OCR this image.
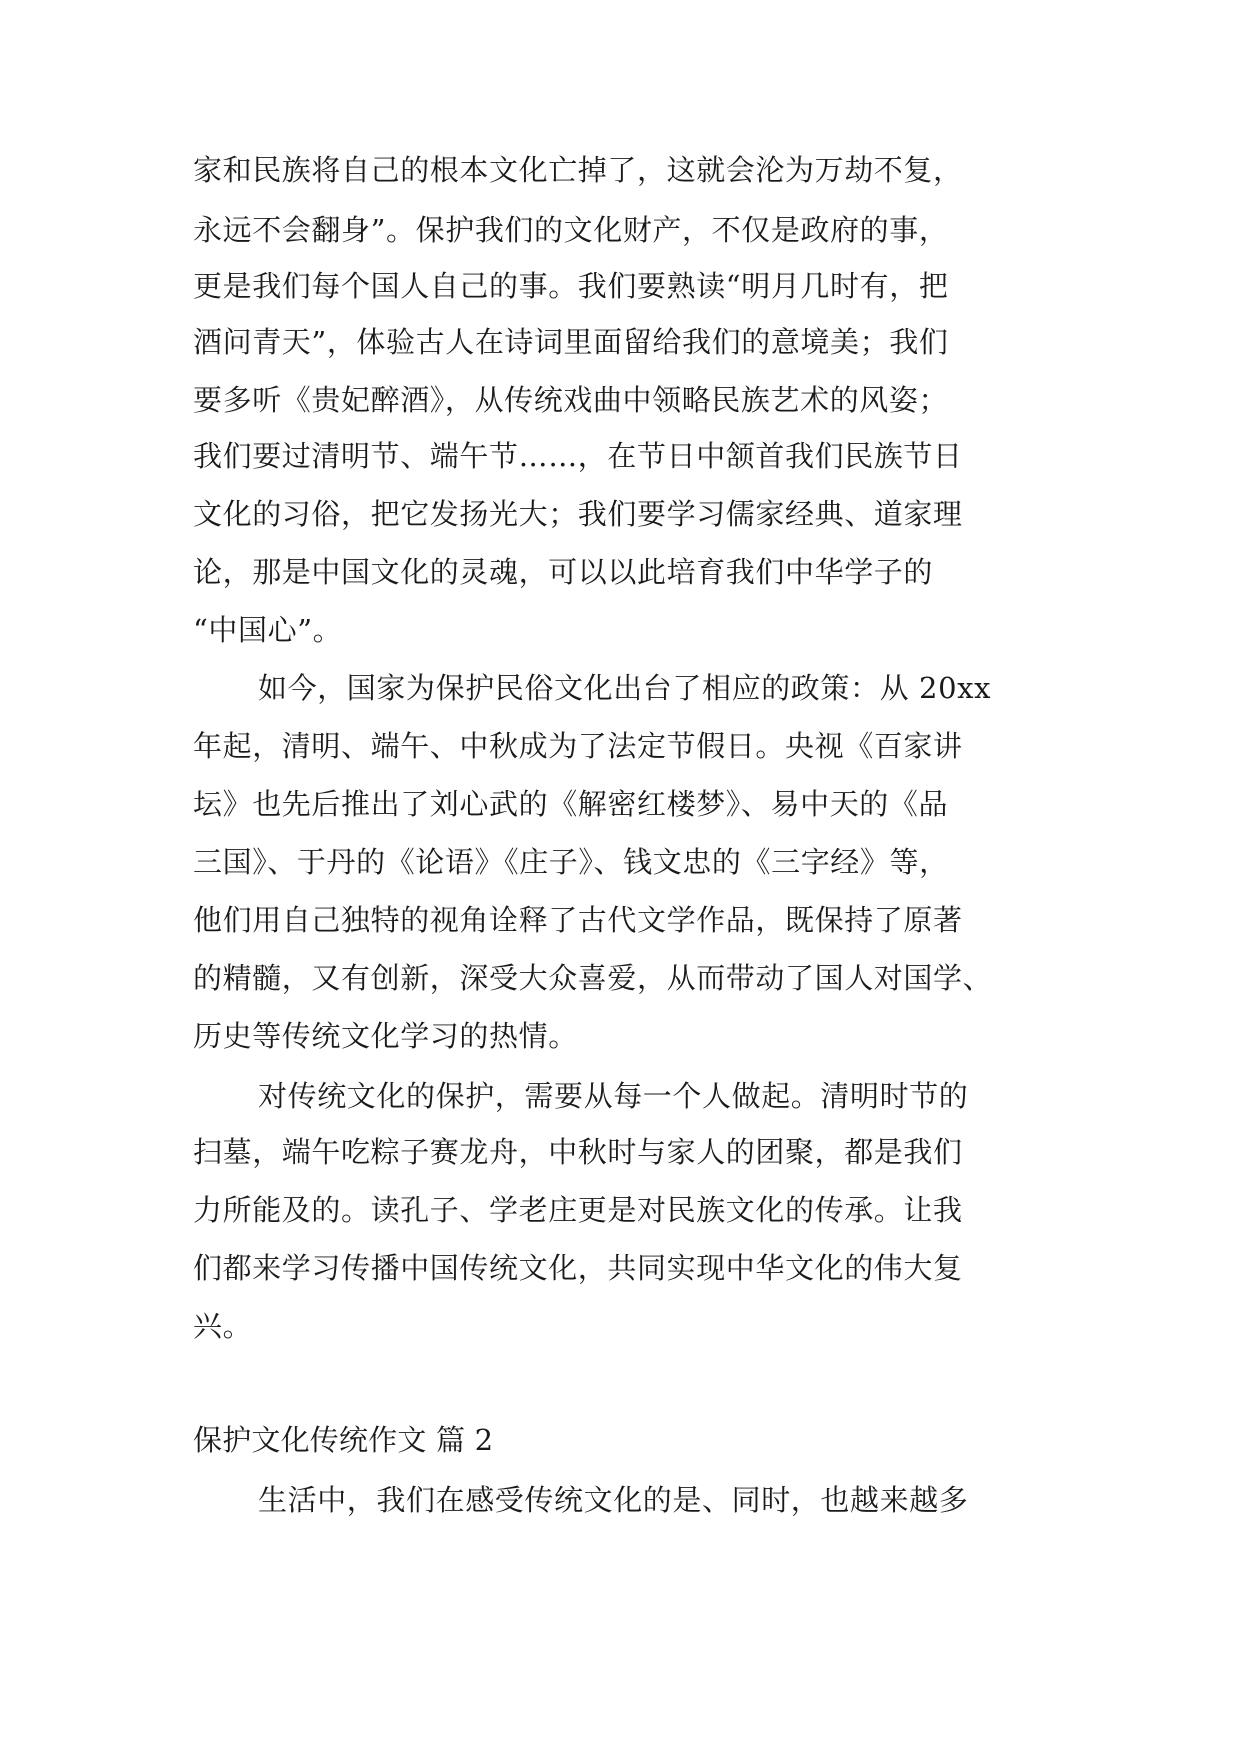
家和民族将自己的根本文化亡掉了，这就会沦为万劫不复，
永远不会翻身”。保护我们的文化财产，不仅是政府的事，
更是我们每个国人自己的事。我们要熟读“明月几时有，把
酒问青天”，体验古人在诗词里面留给我们的意境美；我们
要多听《贵妃醉酒》，从传统戏曲中领略民族艺术的风姿；
我们要过清明节、端午节……，在节日中颔首我们民族节日
文化的习俗，把它发扬光大；我们要学习儒家经典、道家理
论，那是中国文化的灵魂，可以以此培育我们中华学子的
“中国心”。
如今，国家为保护民俗文化出台了相应的政策：从 20xx
年起，清明、端午、中秋成为了法定节假日。央视《百家讲
坛》也先后推出了刘心武的《解密红楼梦》、易中天的《品
三国》、于丹的《论语》《庄子》、钱文忠的《三字经》等，
他们用自己独特的视角诠释了古代文学作品，既保持了原著
的精髓，又有创新，深受大众喜爱，从而带动了国人对国学、
历史等传统文化学习的热情。
对传统文化的保护，需要从每一个人做起。清明时节的
扫墓，端午吃粽子赛龙舟，中秋时与家人的团聚，都是我们
力所能及的。读孔子、学老庄更是对民族文化的传承。让我
们都来学习传播中国传统文化，共同实现中华文化的伟大复
兴。
保护文化传统作文 篇 2
生活中，我们在感受传统文化的是、同时，也越来越多
